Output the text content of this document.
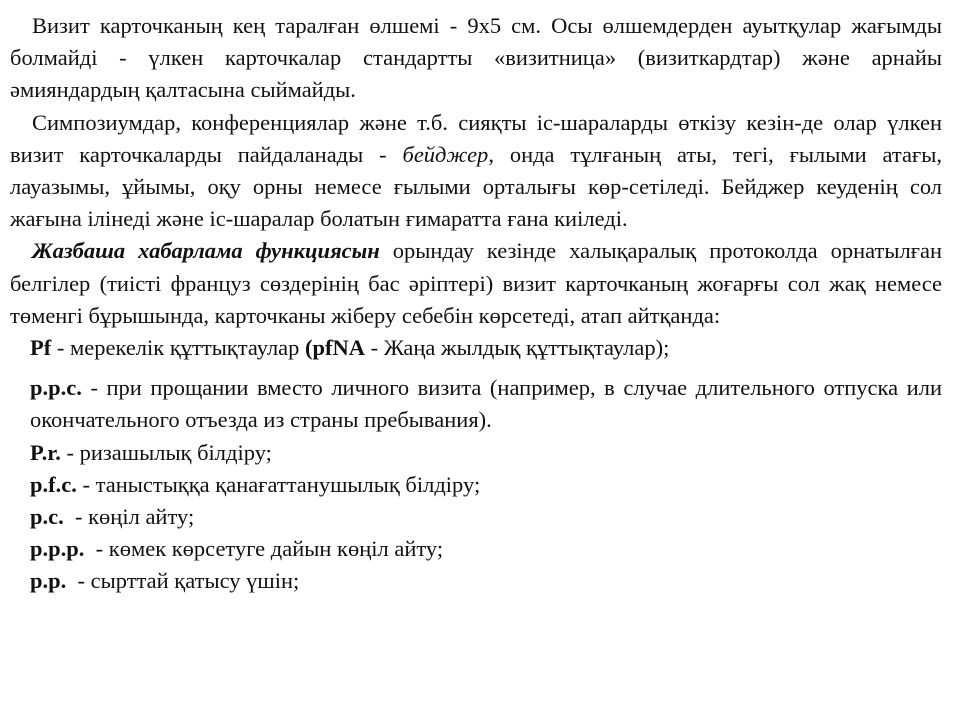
Визит карточканың кең таралған өлшемі - 9х5 см. Осы өлшемдерден ауытқулар жағымды болмайді - үлкен карточкалар стандартты «визитница» (визиткардтар) және арнайы әмияндардың қалтасына сыймайды.

Симпозиумдар, конференциялар және т.б. сияқты іс-шараларды өткізу кезін-де олар үлкен визит карточкаларды пайдаланады - бейджер, онда тұлғаның аты, тегі, ғылыми атағы, лауазымы, ұйымы, оқу орны немесе ғылыми орталығы көр-сетіледі. Бейджер кеуденің сол жағына ілінеді және іс-шаралар болатын ғимаратта ғана киіледі.

Жазбаша хабарлама функциясын орындау кезінде халықаралық протоколда орнатылған белгілер (тиісті француз сөздерінің бас әріптері) визит карточканың жоғарғы сол жақ немесе төменгі бұрышында, карточканы жіберу себебін көрсетеді, атап айтқанда:

Pf - мерекелік құттықтаулар (pfNA - Жаңа жылдық құттықтаулар);

p.p.c. - при прощании вместо личного визита (например, в случае длительного отпуска или окончательного отъезда из страны пребывания).

P.r. - ризашылық білдіру;

p.f.c. - таныстыққа қанағаттанушылық білдіру;

p.c.  - көңіл айту;

p.p.p.  - көмек көрсетуге дайын көңіл айту;

p.p.  - сырттай қатысу үшін;
